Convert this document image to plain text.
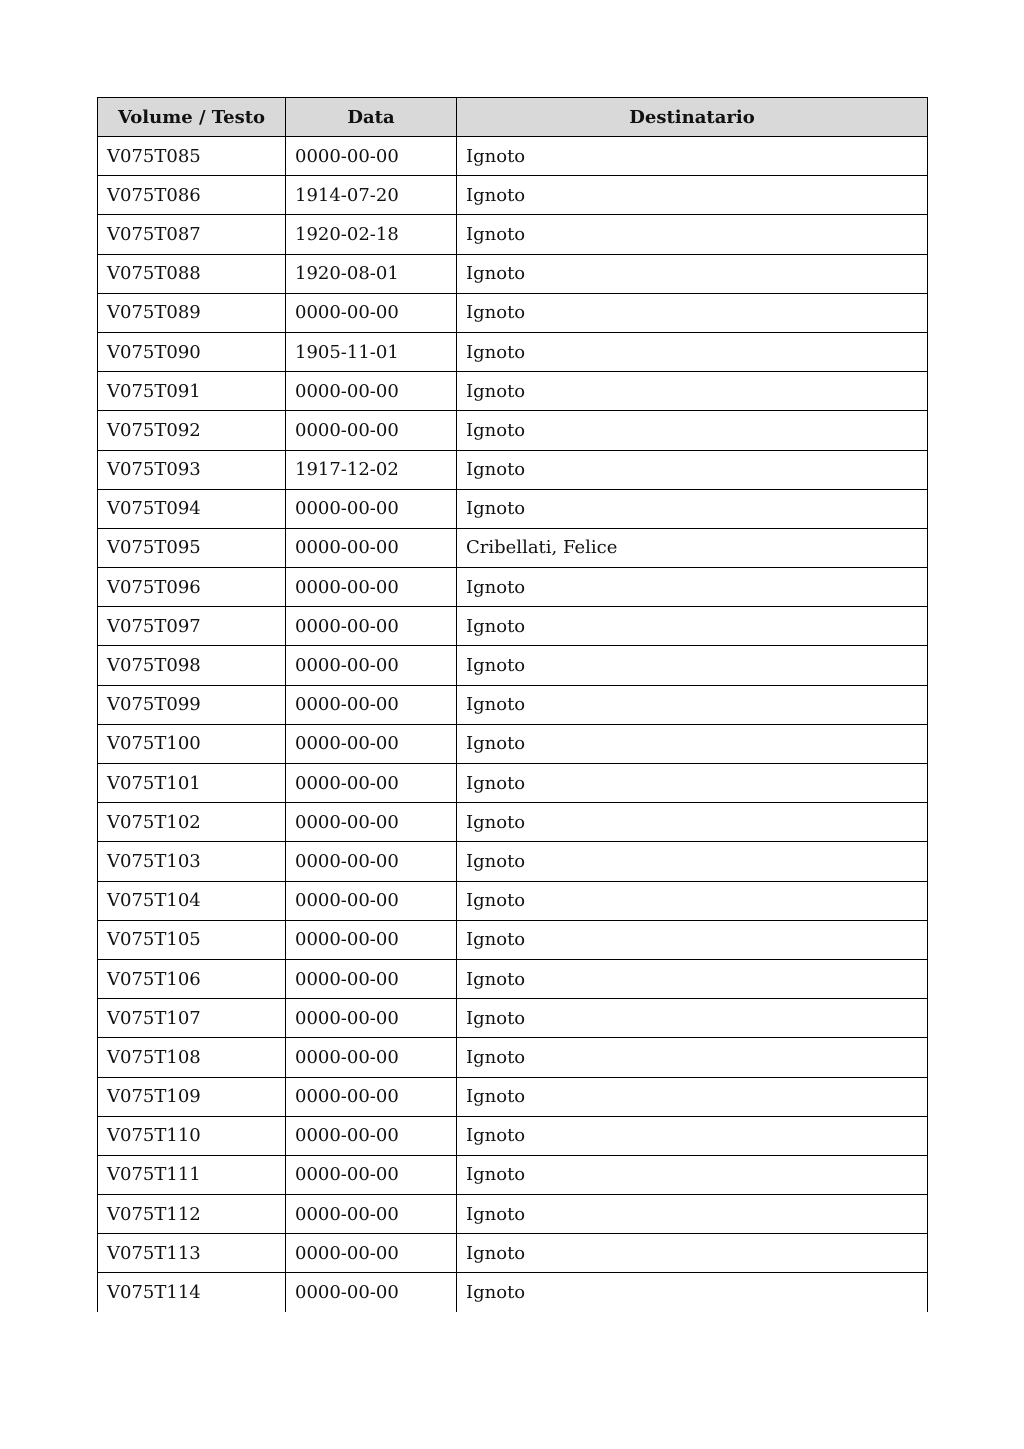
Volume / Testo	Data	Destinatario
V075T085	0000-00-00	Ignoto
V075T086	1914-07-20	Ignoto
V075T087	1920-02-18	Ignoto
V075T088	1920-08-01	Ignoto
V075T089	0000-00-00	Ignoto
V075T090	1905-11-01	Ignoto
V075T091	0000-00-00	Ignoto
V075T092	0000-00-00	Ignoto
V075T093	1917-12-02	Ignoto
V075T094	0000-00-00	Ignoto
V075T095	0000-00-00	Cribellati, Felice
V075T096	0000-00-00	Ignoto
V075T097	0000-00-00	Ignoto
V075T098	0000-00-00	Ignoto
V075T099	0000-00-00	Ignoto
V075T100	0000-00-00	Ignoto
V075T101	0000-00-00	Ignoto
V075T102	0000-00-00	Ignoto
V075T103	0000-00-00	Ignoto
V075T104	0000-00-00	Ignoto
V075T105	0000-00-00	Ignoto
V075T106	0000-00-00	Ignoto
V075T107	0000-00-00	Ignoto
V075T108	0000-00-00	Ignoto
V075T109	0000-00-00	Ignoto
V075T110	0000-00-00	Ignoto
V075T111	0000-00-00	Ignoto
V075T112	0000-00-00	Ignoto
V075T113	0000-00-00	Ignoto
V075T114	0000-00-00	Ignoto
